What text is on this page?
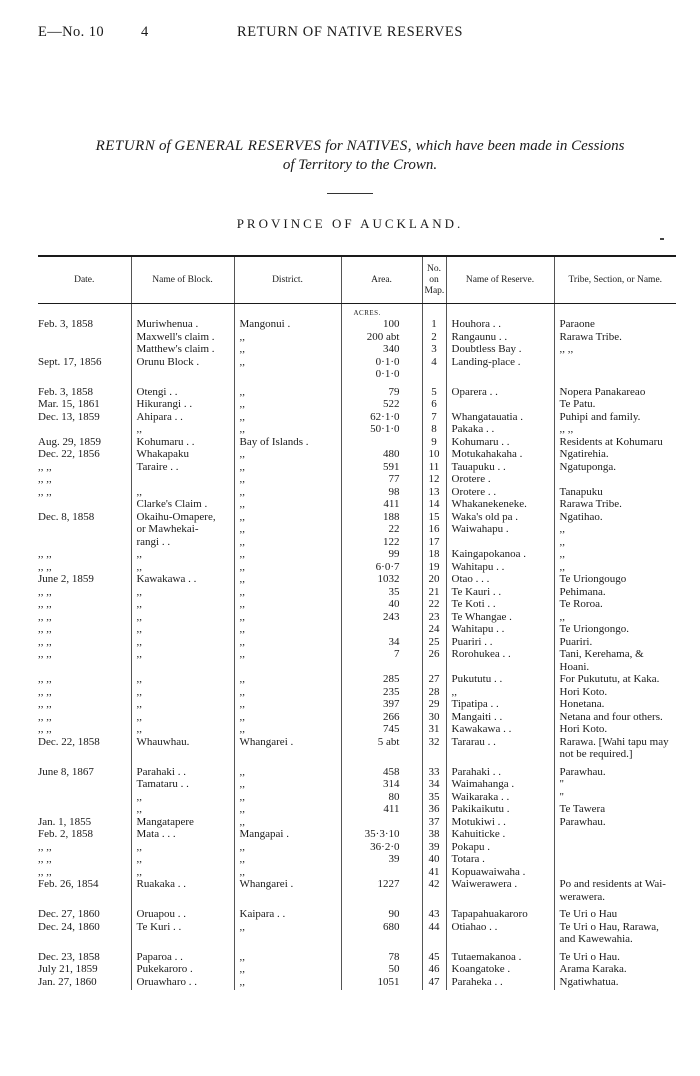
E—No. 10	4	RETURN OF NATIVE RESERVES
RETURN of GENERAL RESERVES for NATIVES, which have been made in Cessions
of Territory to the Crown.
PROVINCE OF AUCKLAND.
Date.	Name of Block.	District.	Area.	No.
on
Map.	Name of Reserve.	Tribe, Section, or Name.
			ACRES.			
Feb. 3, 1858	Muriwhenua .	Mangonui .	100	1	Houhora . .	Paraone
	Maxwell's claim .	,,	200 abt	2	Rangaunu . .	Rarawa Tribe.
	Matthew's claim .	,,	340	3	Doubtless Bay .	,, ,,
Sept. 17, 1856	Orunu Block .	,,	0·1·0	4	Landing-place .	
			0·1·0			
Feb. 3, 1858	Otengi . .	,,	79	5	Oparera . .	Nopera Panakareao
Mar. 15, 1861	Hikurangi . .	,,	522	6		Te Patu.
Dec. 13, 1859	Ahipara . .	,,	62·1·0	7	Whangatauatia .	Puhipi and family.
	,,	,,	50·1·0	8	Pakaka . .	,, ,,
Aug. 29, 1859	Kohumaru . .	Bay of Islands .		9	Kohumaru . .	Residents at Kohumaru
Dec. 22, 1856	Whakapaku	,,	480	10	Motukahakaha .	Ngatirehia.
,, ,,	Taraire . .	,,	591	11	Tauapuku . .	Ngatuponga.
,, ,,		,,	77	12	Orotere .	
,, ,,	,,	,,	98	13	Orotere . .	Tanapuku
	Clarke's Claim .	,,	411	14	Whakanekeneke.	Rarawa Tribe.
Dec. 8, 1858	Okaihu-Omapere,	,,	188	15	Waka's old pa .	Ngatihao.
	or Mawhekai-	,,	22	16	Waiwahapu .	,,
	rangi . .	,,	122	17		,,
,, ,,	,,	,,	99	18	Kaingapokanoa .	,,
,, ,,	,,	,,	6·0·7	19	Wahitapu . .	,,
June 2, 1859	Kawakawa . .	,,	1032	20	Otao . . .	Te Uriongougo
,, ,,	,,	,,	35	21	Te Kauri . .	Pehimana.
,, ,,	,,	,,	40	22	Te Koti . .	Te Roroa.
,, ,,	,,	,,	243	23	Te Whangae .	,,
,, ,,	,,	,,		24	Wahitapu . .	Te Uriongongo.
,, ,,	,,	,,	34	25	Puariri . .	Puariri.
,, ,,	,,	,,	7	26	Rorohukea . .	Tani, Kerehama, & Hoani.
,, ,,	,,	,,	285	27	Pukututu . .	For Pukututu, at Kaka.
,, ,,	,,	,,	235	28	,,	Hori Koto.
,, ,,	,,	,,	397	29	Tipatipa . .	Honetana.
,, ,,	,,	,,	266	30	Mangaiti . .	Netana and four others.
,, ,,	,,	,,	745	31	Kawakawa . .	Hori Koto.
Dec. 22, 1858	Whauwhau.	Whangarei .	5 abt	32	Tararau . .	Rarawa. [Wahi tapu may not be required.]
June 8, 1867	Parahaki . .	,,	458	33	Parahaki . .	Parawhau.
	Tamataru . .	,,	314	34	Waimahanga .	"
	,,	,,	80	35	Waikaraka . .	"
	,,	,,	411	36	Pakikaikutu .	Te Tawera
Jan. 1, 1855	Mangatapere	,,		37	Motukiwi . .	Parawhau.
Feb. 2, 1858	Mata . . .	Mangapai .	35·3·10	38	Kahuiticke .	
,, ,,	,,	,,	36·2·0	39	Pokapu .	
,, ,,	,,	,,	39	40	Totara .	
,, ,,	,,	,,		41	Kopuawaiwaha .	
Feb. 26, 1854	Ruakaka . .	Whangarei .	1227	42	Waiwerawera .	Po and residents at Wai- werawera.
Dec. 27, 1860	Oruapou . .	Kaipara . .	90	43	Tapapahuakaroro	Te Uri o Hau
Dec. 24, 1860	Te Kuri . .	,,	680	44	Otiahao . .	Te Uri o Hau, Rarawa, and Kawewahia.
Dec. 23, 1858	Paparoa . .	,,	78	45	Tutaemakanoa .	Te Uri o Hau.
July 21, 1859	Pukekaroro .	,,	50	46	Koangatoke .	Arama Karaka.
Jan. 27, 1860	Oruawharo . .	,,	1051	47	Paraheka . .	Ngatiwhatua.
